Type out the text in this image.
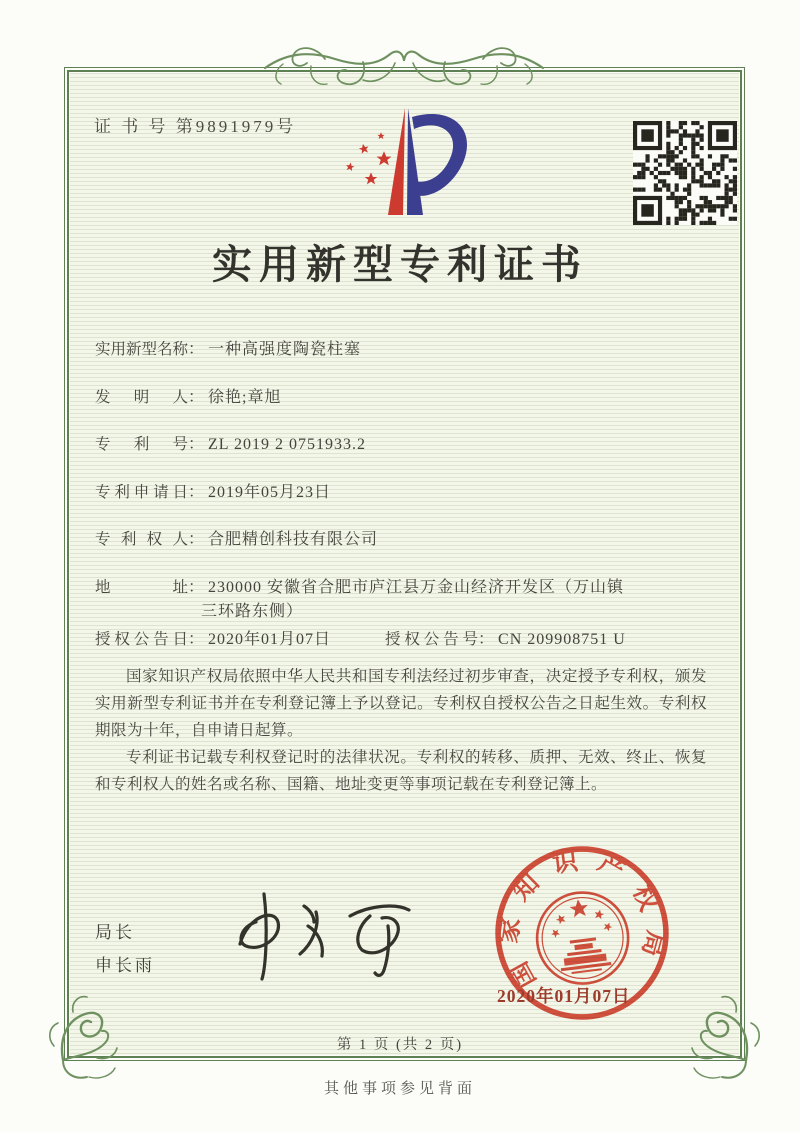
证 书 号 第9891979号
实用新型专利证书
实用新型名称： 一种高强度陶瓷柱塞
发明人： 徐艳;章旭
专利号： ZL 2019 2 0751933.2
专利申请日： 2019年05月23日
专利权人： 合肥精创科技有限公司
地址： 230000 安徽省合肥市庐江县万金山经济开发区（万山镇
三环路东侧）
授权公告日： 2020年01月07日	授权公告号： CN 209908751 U

国家知识产权局依照中华人民共和国专利法经过初步审查，决定授予专利权，颁发实用新型专利证书并在专利登记簿上予以登记。专利权自授权公告之日起生效。专利权期限为十年，自申请日起算。

专利证书记载专利权登记时的法律状况。专利权的转移、质押、无效、终止、恢复和专利权人的姓名或名称、国籍、地址变更等事项记载在专利登记簿上。

局长
申长雨	国家知识产权局
2020年01月07日
第 1 页 (共 2 页)
其他事项参见背面
